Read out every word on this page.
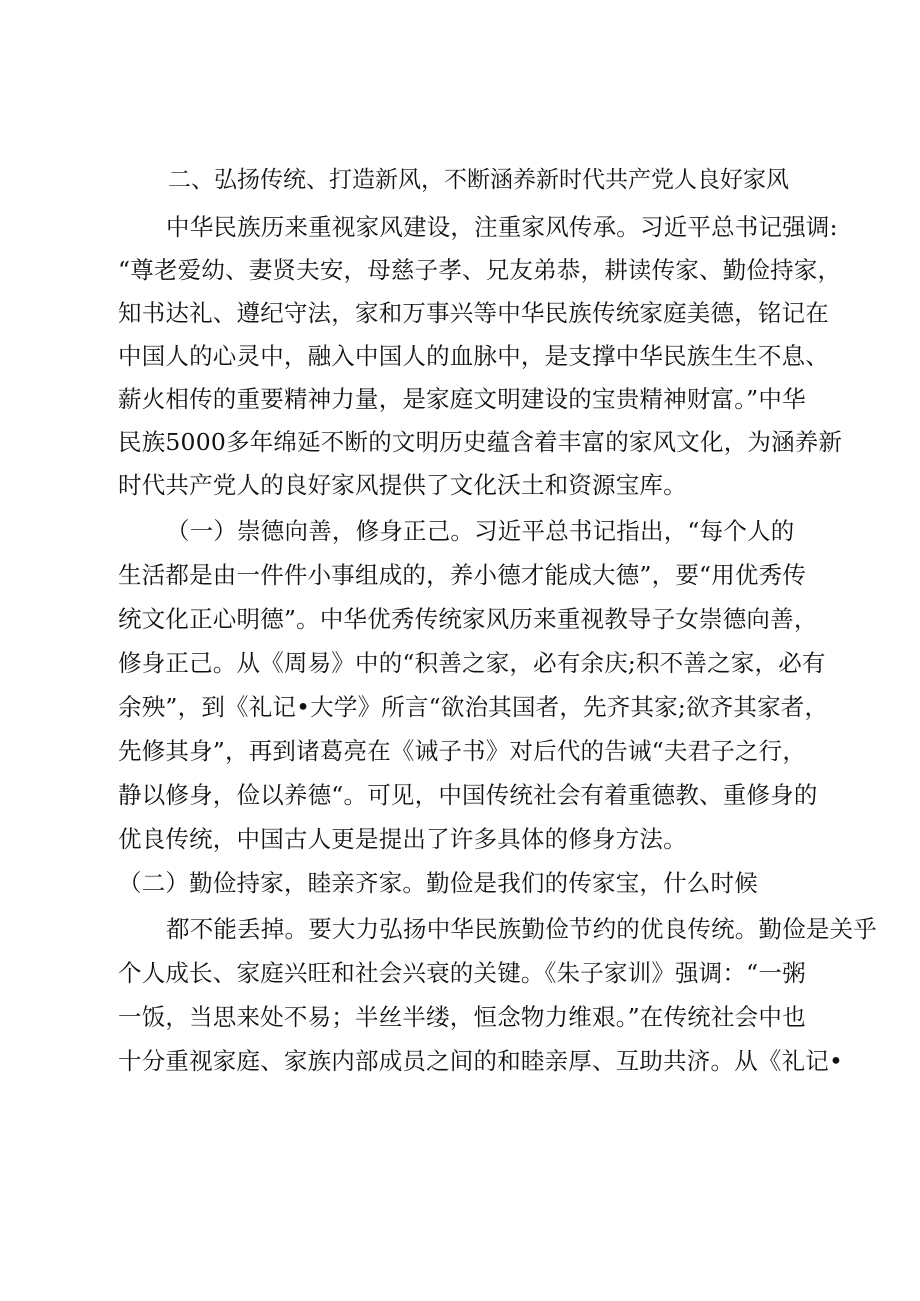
二、弘扬传统、打造新风，不断涵养新时代共产党人良好家风
中华民族历来重视家风建设，注重家风传承。习近平总书记强调:
“尊老爱幼、妻贤夫安，母慈子孝、兄友弟恭，耕读传家、勤俭持家，
知书达礼、遵纪守法，家和万事兴等中华民族传统家庭美德，铭记在
中国人的心灵中，融入中国人的血脉中，是支撑中华民族生生不息、
薪火相传的重要精神力量，是家庭文明建设的宝贵精神财富。”中华
民族5000多年绵延不断的文明历史蕴含着丰富的家风文化，为涵养新
时代共产党人的良好家风提供了文化沃土和资源宝库。
（一）崇德向善，修身正己。习近平总书记指出，“每个人的
生活都是由一件件小事组成的，养小德才能成大德”，要“用优秀传
统文化正心明德”。中华优秀传统家风历来重视教导子女崇德向善，
修身正己。从《周易》中的“积善之家，必有余庆;积不善之家，必有
余殃”，到《礼记•大学》所言“欲治其国者，先齐其家;欲齐其家者，
先修其身”，再到诸葛亮在《诫子书》对后代的告诫“夫君子之行，
静以修身，俭以养德“。可见，中国传统社会有着重德教、重修身的
优良传统，中国古人更是提出了许多具体的修身方法。
（二）勤俭持家，睦亲齐家。勤俭是我们的传家宝，什么时候
都不能丢掉。要大力弘扬中华民族勤俭节约的优良传统。勤俭是关乎
个人成长、家庭兴旺和社会兴衰的关键。《朱子家训》强调：“一粥
一饭，当思来处不易；半丝半缕，恒念物力维艰。”在传统社会中也
十分重视家庭、家族内部成员之间的和睦亲厚、互助共济。从《礼记•
